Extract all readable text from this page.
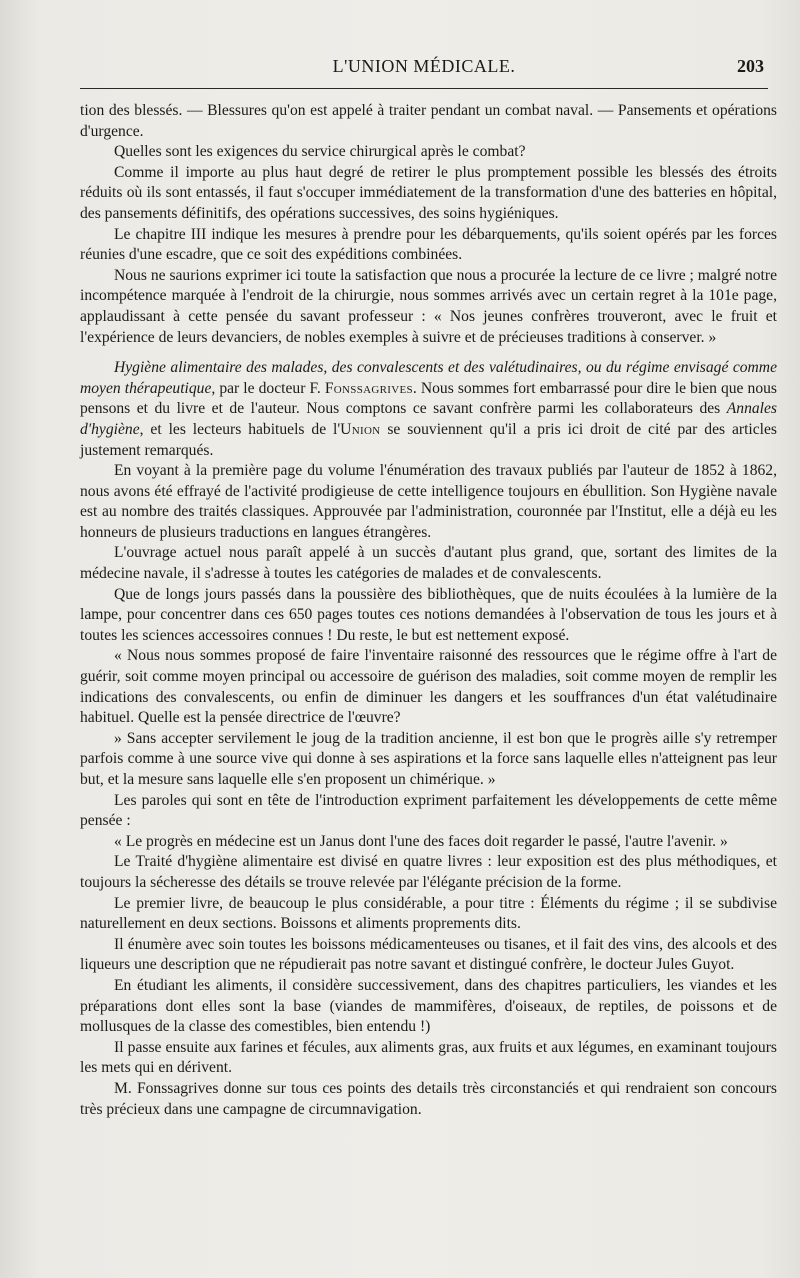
L'UNION MÉDICALE.	203

tion des blessés. — Blessures qu'on est appelé à traiter pendant un combat naval. — Pansements et opérations d'urgence.

Quelles sont les exigences du service chirurgical après le combat?

Comme il importe au plus haut degré de retirer le plus promptement possible les blessés des étroits réduits où ils sont entassés, il faut s'occuper immédiatement de la transformation d'une des batteries en hôpital, des pansements définitifs, des opérations successives, des soins hygiéniques.

Le chapitre III indique les mesures à prendre pour les débarquements, qu'ils soient opérés par les forces réunies d'une escadre, que ce soit des expéditions combinées.

Nous ne saurions exprimer ici toute la satisfaction que nous a procurée la lecture de ce livre ; malgré notre incompétence marquée à l'endroit de la chirurgie, nous sommes arrivés avec un certain regret à la 101e page, applaudissant à cette pensée du savant professeur : « Nos jeunes confrères trouveront, avec le fruit et l'expérience de leurs devanciers, de nobles exemples à suivre et de précieuses traditions à conserver. »

Hygiène alimentaire des malades, des convalescents et des valétudinaires, ou du régime envisagé comme moyen thérapeutique, par le docteur F. Fonssagrives. Nous sommes fort embarrassé pour dire le bien que nous pensons et du livre et de l'auteur. Nous comptons ce savant confrère parmi les collaborateurs des Annales d'hygiène, et les lecteurs habituels de l'Union se souviennent qu'il a pris ici droit de cité par des articles justement remarqués.

En voyant à la première page du volume l'énumération des travaux publiés par l'auteur de 1852 à 1862, nous avons été effrayé de l'activité prodigieuse de cette intelligence toujours en ébullition. Son Hygiène navale est au nombre des traités classiques. Approuvée par l'administration, couronnée par l'Institut, elle a déjà eu les honneurs de plusieurs traductions en langues étrangères.

L'ouvrage actuel nous paraît appelé à un succès d'autant plus grand, que, sortant des limites de la médecine navale, il s'adresse à toutes les catégories de malades et de convalescents.

Que de longs jours passés dans la poussière des bibliothèques, que de nuits écoulées à la lumière de la lampe, pour concentrer dans ces 650 pages toutes ces notions demandées à l'observation de tous les jours et à toutes les sciences accessoires connues ! Du reste, le but est nettement exposé.

« Nous nous sommes proposé de faire l'inventaire raisonné des ressources que le régime offre à l'art de guérir, soit comme moyen principal ou accessoire de guérison des maladies, soit comme moyen de remplir les indications des convalescents, ou enfin de diminuer les dangers et les souffrances d'un état valétudinaire habituel. Quelle est la pensée directrice de l'œuvre?

» Sans accepter servilement le joug de la tradition ancienne, il est bon que le progrès aille s'y retremper parfois comme à une source vive qui donne à ses aspirations et la force sans laquelle elles n'atteignent pas leur but, et la mesure sans laquelle elle s'en proposent un chimérique. »

Les paroles qui sont en tête de l'introduction expriment parfaitement les développements de cette même pensée :

« Le progrès en médecine est un Janus dont l'une des faces doit regarder le passé, l'autre l'avenir. »

Le Traité d'hygiène alimentaire est divisé en quatre livres : leur exposition est des plus méthodiques, et toujours la sécheresse des détails se trouve relevée par l'élégante précision de la forme.

Le premier livre, de beaucoup le plus considérable, a pour titre : Éléments du régime ; il se subdivise naturellement en deux sections. Boissons et aliments proprements dits.

Il énumère avec soin toutes les boissons médicamenteuses ou tisanes, et il fait des vins, des alcools et des liqueurs une description que ne répudierait pas notre savant et distingué confrère, le docteur Jules Guyot.

En étudiant les aliments, il considère successivement, dans des chapitres particuliers, les viandes et les préparations dont elles sont la base (viandes de mammifères, d'oiseaux, de reptiles, de poissons et de mollusques de la classe des comestibles, bien entendu !)

Il passe ensuite aux farines et fécules, aux aliments gras, aux fruits et aux légumes, en examinant toujours les mets qui en dérivent.

M. Fonssagrives donne sur tous ces points des details très circonstanciés et qui rendraient son concours très précieux dans une campagne de circumnavigation.
